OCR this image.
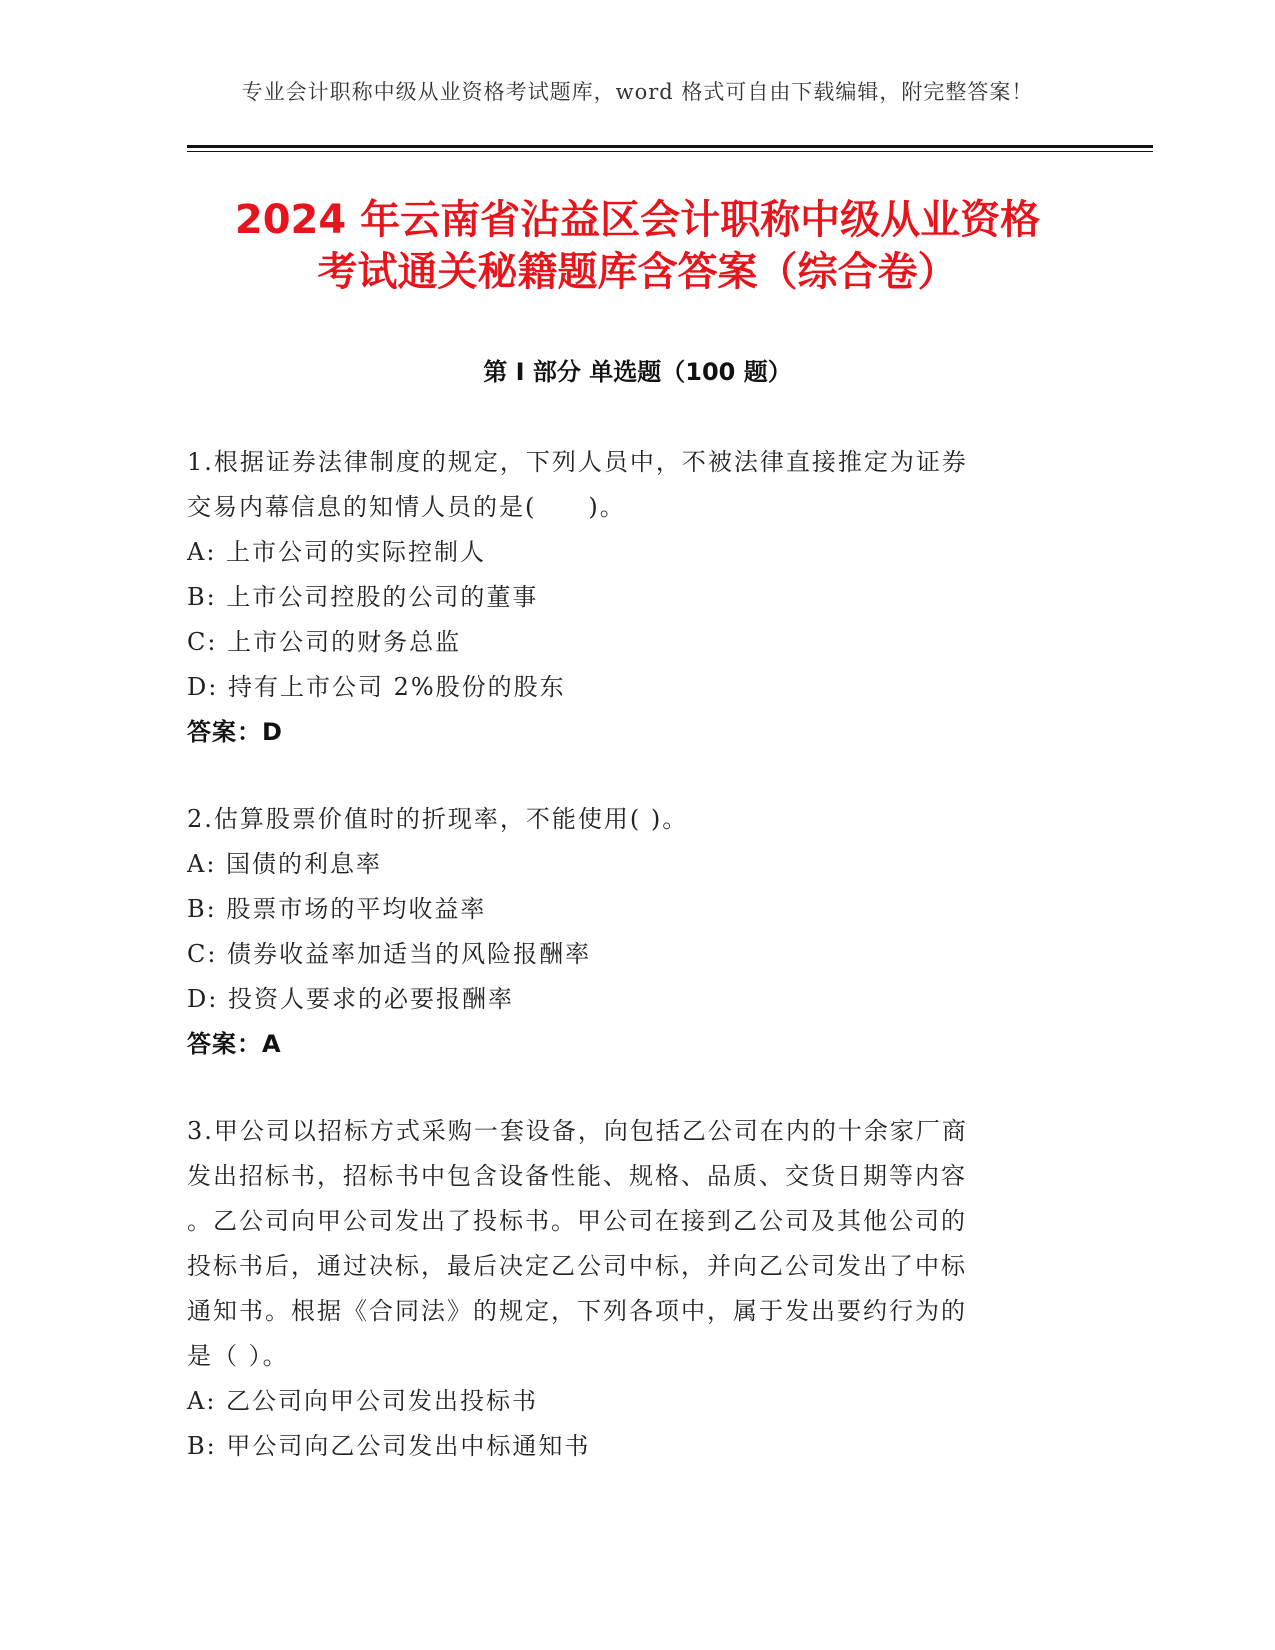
专业会计职称中级从业资格考试题库，word 格式可自由下载编辑，附完整答案！
2024 年云南省沾益区会计职称中级从业资格
考试通关秘籍题库含答案（综合卷）
第 I 部分 单选题（100 题）
1.根据证券法律制度的规定，下列人员中，不被法律直接推定为证券
交易内幕信息的知情人员的是(　　)。
A: 上市公司的实际控制人
B: 上市公司控股的公司的董事
C: 上市公司的财务总监
D: 持有上市公司 2%股份的股东
答案：D
2.估算股票价值时的折现率，不能使用( )。
A: 国债的利息率
B: 股票市场的平均收益率
C: 债券收益率加适当的风险报酬率
D: 投资人要求的必要报酬率
答案：A
3.甲公司以招标方式采购一套设备，向包括乙公司在内的十余家厂商
发出招标书，招标书中包含设备性能、规格、品质、交货日期等内容
。乙公司向甲公司发出了投标书。甲公司在接到乙公司及其他公司的
投标书后，通过决标，最后决定乙公司中标，并向乙公司发出了中标
通知书。根据《合同法》的规定，下列各项中，属于发出要约行为的
是（ ）。
A: 乙公司向甲公司发出投标书
B: 甲公司向乙公司发出中标通知书
